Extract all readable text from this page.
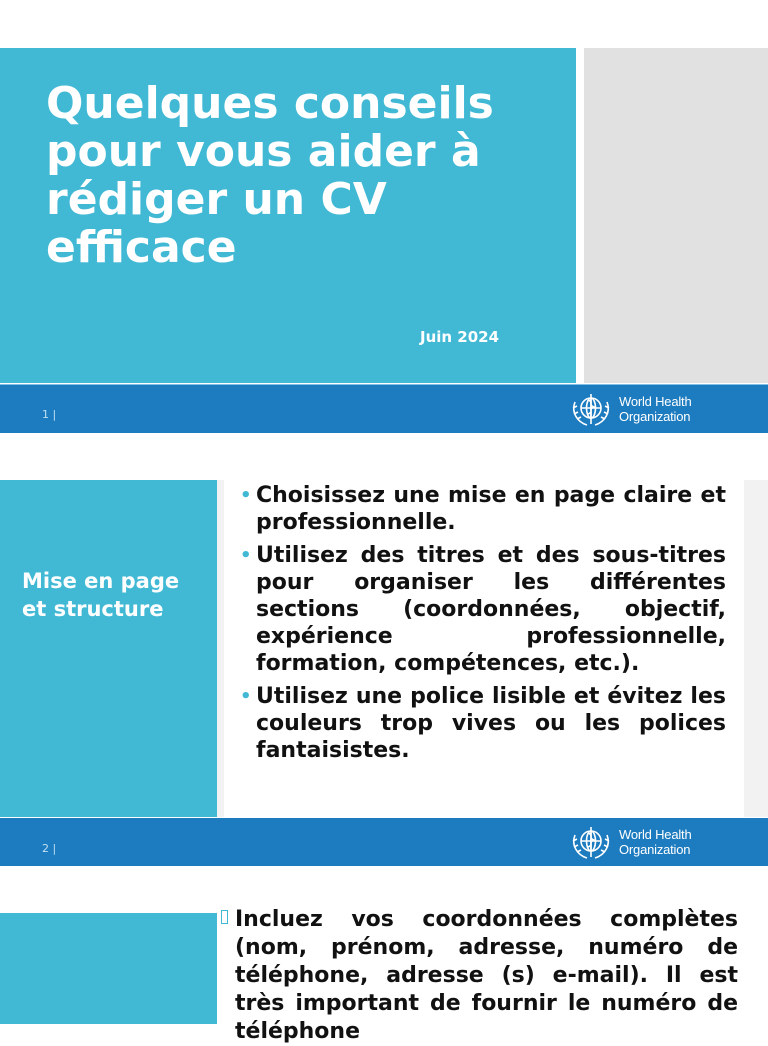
Quelques conseils pour vous aider à rédiger un CV efficace
Juin 2024
1 |
World Health
Organization
Mise en page et structure
• Choisissez une mise en page claire et professionnelle.
• Utilisez des titres et des sous-titres pour organiser les différentes sections (coordonnées, objectif, expérience professionnelle, formation, compétences, etc.).
• Utilisez une police lisible et évitez les couleurs trop vives ou les polices fantaisistes.
2 |
World Health
Organization
Incluez vos coordonnées complètes (nom, prénom, adresse, numéro de téléphone, adresse (s) e-mail). Il est très important de fournir le numéro de téléphone
